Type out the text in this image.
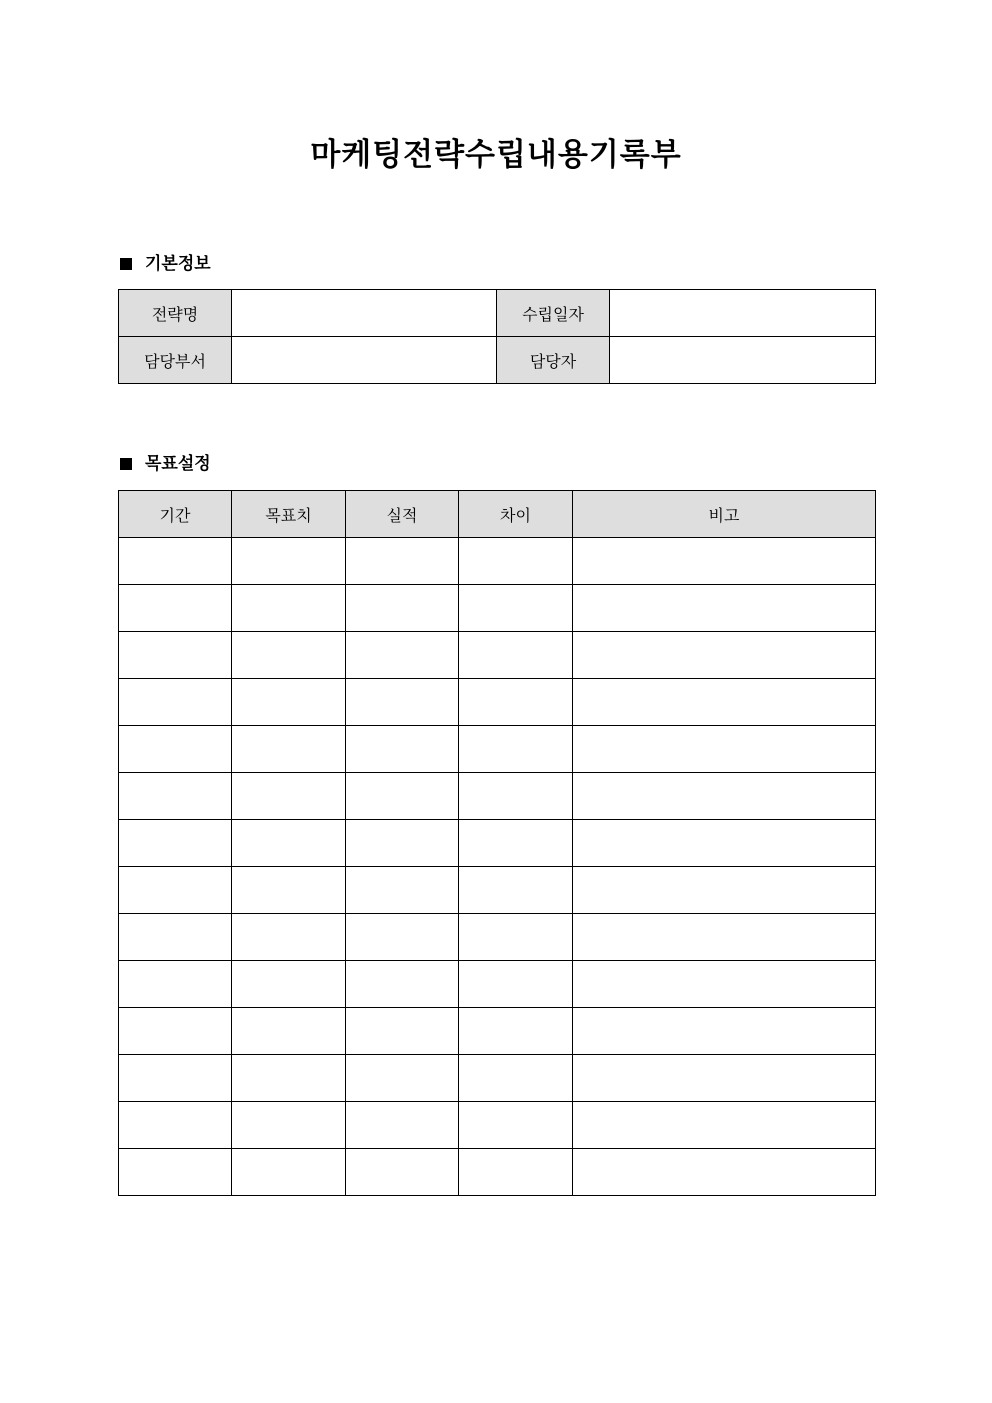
마케팅전략수립내용기록부
기본정보
전략명		수립일자	
담당부서		담당자	
목표설정
기간	목표치	실적	차이	비고
